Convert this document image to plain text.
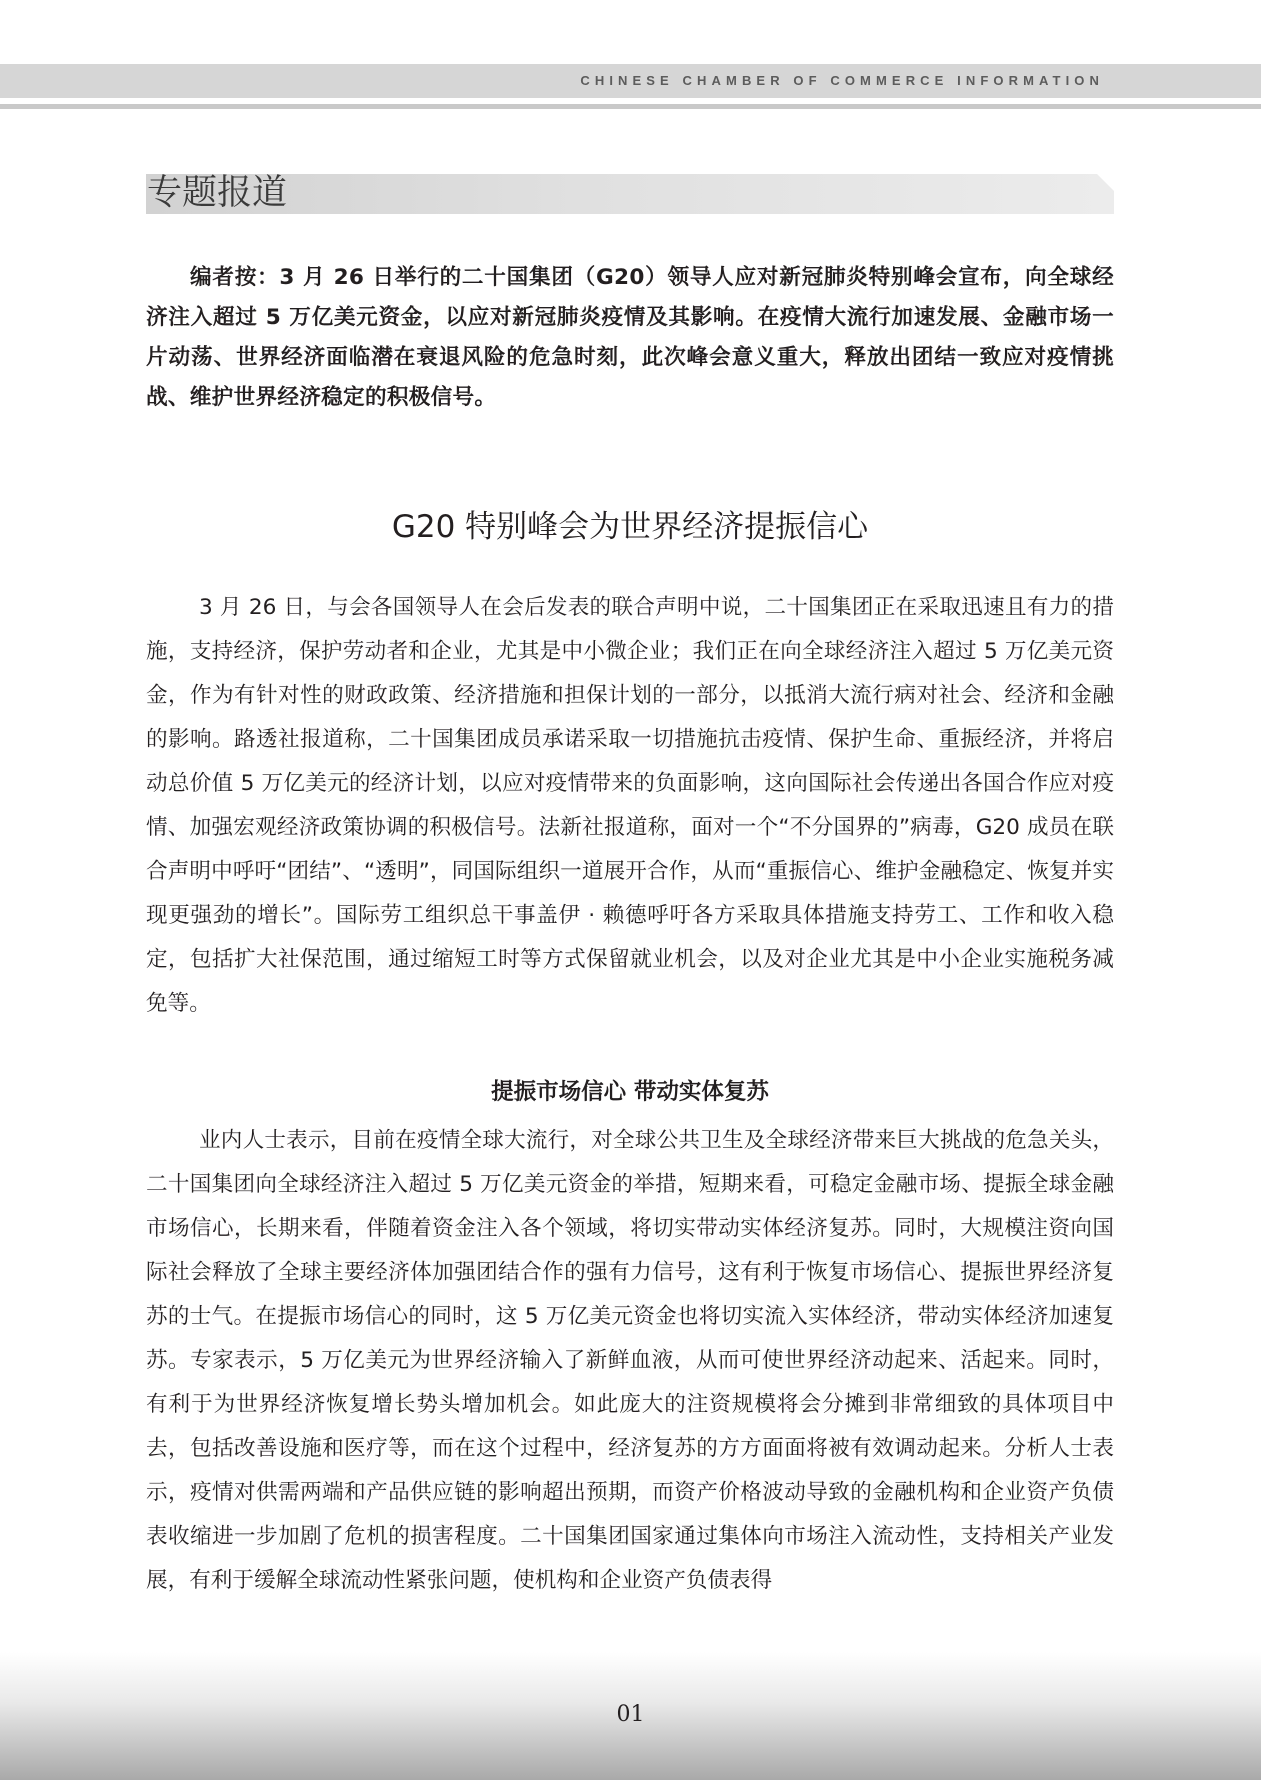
CHINESE CHAMBER OF COMMERCE INFORMATION
专题报道

编者按：3 月 26 日举行的二十国集团（G20）领导人应对新冠肺炎特别峰会宣布，向全球经济注入超过 5 万亿美元资金，以应对新冠肺炎疫情及其影响。在疫情大流行加速发展、金融市场一片动荡、世界经济面临潜在衰退风险的危急时刻，此次峰会意义重大，释放出团结一致应对疫情挑战、维护世界经济稳定的积极信号。

G20 特别峰会为世界经济提振信心

3 月 26 日，与会各国领导人在会后发表的联合声明中说，二十国集团正在采取迅速且有力的措施，支持经济，保护劳动者和企业，尤其是中小微企业；我们正在向全球经济注入超过 5 万亿美元资金，作为有针对性的财政政策、经济措施和担保计划的一部分，以抵消大流行病对社会、经济和金融的影响。路透社报道称，二十国集团成员承诺采取一切措施抗击疫情、保护生命、重振经济，并将启动总价值 5 万亿美元的经济计划，以应对疫情带来的负面影响，这向国际社会传递出各国合作应对疫情、加强宏观经济政策协调的积极信号。法新社报道称，面对一个“不分国界的”病毒，G20 成员在联合声明中呼吁“团结”、“透明”，同国际组织一道展开合作，从而“重振信心、维护金融稳定、恢复并实现更强劲的增长”。国际劳工组织总干事盖伊 · 赖德呼吁各方采取具体措施支持劳工、工作和收入稳定，包括扩大社保范围，通过缩短工时等方式保留就业机会，以及对企业尤其是中小企业实施税务减免等。

提振市场信心 带动实体复苏

业内人士表示，目前在疫情全球大流行，对全球公共卫生及全球经济带来巨大挑战的危急关头，二十国集团向全球经济注入超过 5 万亿美元资金的举措，短期来看，可稳定金融市场、提振全球金融市场信心，长期来看，伴随着资金注入各个领域，将切实带动实体经济复苏。同时，大规模注资向国际社会释放了全球主要经济体加强团结合作的强有力信号，这有利于恢复市场信心、提振世界经济复苏的士气。在提振市场信心的同时，这 5 万亿美元资金也将切实流入实体经济，带动实体经济加速复苏。专家表示，5 万亿美元为世界经济输入了新鲜血液，从而可使世界经济动起来、活起来。同时，有利于为世界经济恢复增长势头增加机会。如此庞大的注资规模将会分摊到非常细致的具体项目中去，包括改善设施和医疗等，而在这个过程中，经济复苏的方方面面将被有效调动起来。分析人士表示，疫情对供需两端和产品供应链的影响超出预期，而资产价格波动导致的金融机构和企业资产负债表收缩进一步加剧了危机的损害程度。二十国集团国家通过集体向市场注入流动性，支持相关产业发展，有利于缓解全球流动性紧张问题，使机构和企业资产负债表得

01
